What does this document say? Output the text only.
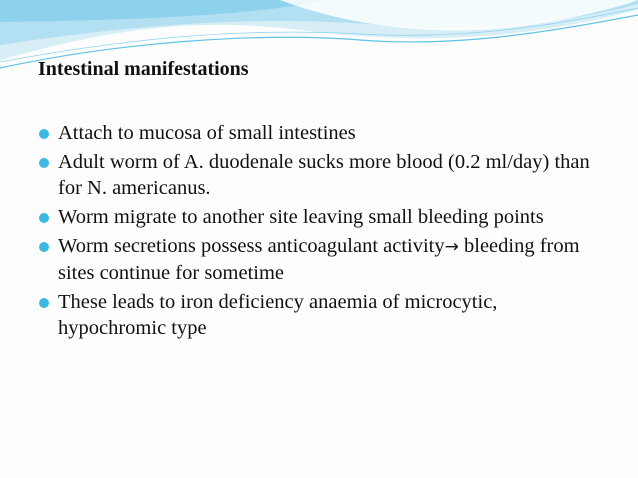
Intestinal manifestations
Attach to mucosa of small intestines
Adult worm of A. duodenale sucks more blood (0.2 ml/day) than for N. americanus.
Worm migrate to another site leaving small bleeding points
Worm secretions possess anticoagulant activity→ bleeding from sites continue for sometime
These leads to iron deficiency anaemia of microcytic, hypochromic type
